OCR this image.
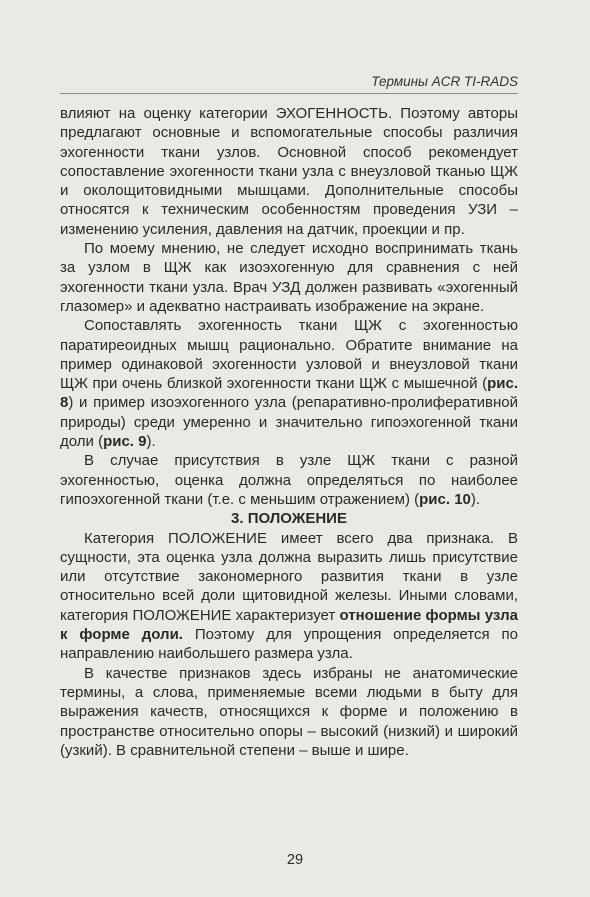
Термины ACR TI-RADS

влияют на оценку категории ЭХОГЕННОСТЬ. Поэтому авторы предлагают основные и вспомогательные способы различия эхогенности ткани узлов. Основной способ рекомендует сопоставление эхогенности ткани узла с внеузловой тканью ЩЖ и околощитовидными мышцами. Дополнительные способы относятся к техническим особенностям проведения УЗИ – изменению усиления, давления на датчик, проекции и пр.

По моему мнению, не следует исходно воспринимать ткань за узлом в ЩЖ как изоэхогенную для сравнения с ней эхогенности ткани узла. Врач УЗД должен развивать «эхогенный глазомер» и адекватно настраивать изображение на экране.

Сопоставлять эхогенность ткани ЩЖ с эхогенностью паратиреоидных мышц рационально. Обратите внимание на пример одинаковой эхогенности узловой и внеузловой ткани ЩЖ при очень близкой эхогенности ткани ЩЖ с мышечной (рис. 8) и пример изоэхогенного узла (репаративно-пролиферативной природы) среди умеренно и значительно гипоэхогенной ткани доли (рис. 9).

В случае присутствия в узле ЩЖ ткани с разной эхогенностью, оценка должна определяться по наиболее гипоэхогенной ткани (т.е. с меньшим отражением) (рис. 10).

3. ПОЛОЖЕНИЕ

Категория ПОЛОЖЕНИЕ имеет всего два признака. В сущности, эта оценка узла должна выразить лишь присутствие или отсутствие закономерного развития ткани в узле относительно всей доли щитовидной железы. Иными словами, категория ПОЛОЖЕНИЕ характеризует отношение формы узла к форме доли. Поэтому для упрощения определяется по направлению наибольшего размера узла.

В качестве признаков здесь избраны не анатомические термины, а слова, применяемые всеми людьми в быту для выражения качеств, относящихся к форме и положению в пространстве относительно опоры – высокий (низкий) и широкий (узкий). В сравнительной степени – выше и шире.

29
